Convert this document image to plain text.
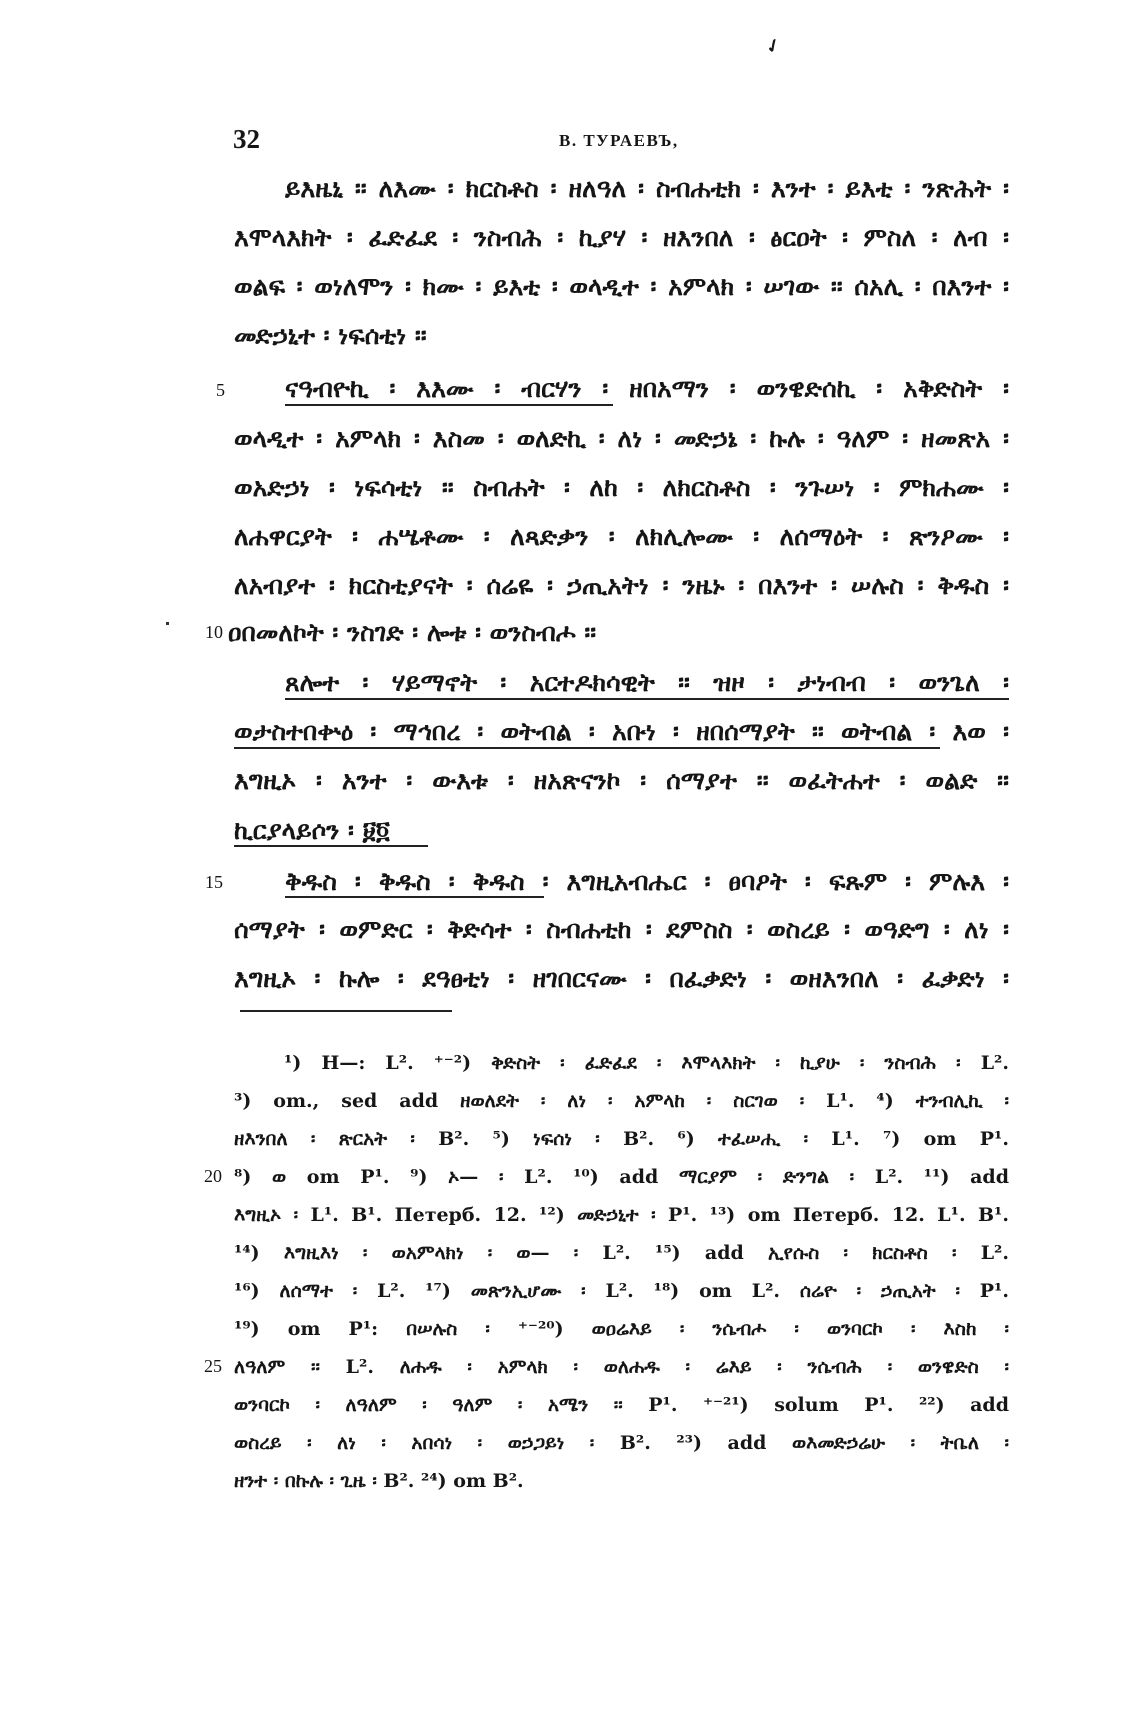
✓
32	В. ТУРАЕВЪ,
ይእዜኒ ፡፡ ለእሙ ፡ ክርስቶስ ፡ ዘለዓለ ፡ ስብሐቲክ ፡ እንተ ፡ ይእቲ ፡ ንጽሕት ፡
እሞላእክት ፡ ፈድፈደ ፡ ንስብሕ ፡ ኪያሃ ፡ ዘእንበለ ፡ ፅርዐት ፡ ምስለ ፡ ለብ ፡
ወልፍ ፡ ወነለሞን ፡ ክሙ ፡ ይእቲ ፡ ወላዲተ ፡ አምላክ ፡ ሠገው ፡፡ ሰአሊ ፡ በእንተ ፡
መድኃኒተ ፡ ነፍሰቲነ ፡፡
5 ናዓብዮኪ ፡ እእሙ ፡ ብርሃን ፡ ዘበአማን ፡ ወንዌድሰኪ ፡ አቅድስት ፡
ወላዲተ ፡ አምላክ ፡ እስመ ፡ ወለድኪ ፡ ለነ ፡ መድኃኔ ፡ ኩሉ ፡ ዓለም ፡ ዘመጽአ ፡
ወአድኃነ ፡ ነፍሳቲነ ፡፡ ስብሐት ፡ ለከ ፡ ለክርስቶስ ፡ ንጉሠነ ፡ ምክሐሙ ፡
ለሐዋርያት ፡ ሐሤቶሙ ፡ ለጻድቃን ፡ ለክሊሎሙ ፡ ለሰማዕት ፡ ጽንዖሙ ፡
ለአብያተ ፡ ክርስቲያናት ፡ ሰሬዬ ፡ ኃጢአትነ ፡ ንዜኑ ፡ በእንተ ፡ ሠሉስ ፡ ቅዱስ ፡
10 ዐበመለኮት ፡ ንስገድ ፡ ሎቱ ፡ ወንስብሖ ፡፡
ጸሎተ ፡ ሃይማኖት ፡ አርተዶክሳዊት ፡፡ ዝዞ ፡ ታነብብ ፡ ወንጌለ ፡
ወታስተበቍዕ ፡ ማኅበረ ፡ ወትብል ፡ አቡነ ፡ ዘበሰማያት ፡፡ ወትብል ፡ እወ ፡
እግዚኦ ፡ አንተ ፡ ውእቱ ፡ ዘአጽናንኮ ፡ ሰማያተ ፡፡ ወፈትሐተ ፡ ወልድ ፡፡
ኪርያላይሶን ፡ ፱፬
15 ቅዱስ ፡ ቅዱስ ፡ ቅዱስ ፡ እግዚአብሔር ፡ ፀባዖት ፡ ፍጹም ፡ ምሉእ ፡
ሰማያት ፡ ወምድር ፡ ቅድሳተ ፡ ስብሐቲከ ፡ ደምስስ ፡ ወስረይ ፡ ወዓድግ ፡ ለነ ፡
እግዚኦ ፡ ኩሎ ፡ ደዓፀቲነ ፡ ዘገበርናሙ ፡ በፈቃድነ ፡ ወዘእንበለ ፡ ፈቃድነ ፡
¹) H—: L². ⁺⁻²) ቅድስት ፡ ፈድፈደ ፡ እሞላእክት ፡ ኪያሁ ፡ ንስብሕ ፡ L².
³) om., sed add ዘወለደት ፡ ለነ ፡ አምላከ ፡ ስርገወ ፡ L¹. ⁴) ተንብሊኪ ፡
ዘእንበለ ፡ ጽርአት ፡ B². ⁵) ነፍሰነ ፡ B². ⁶) ተፈሠሒ ፡ L¹. ⁷) om P¹.
20 ⁸) ወ om P¹. ⁹) ኦ— ፡ L². ¹⁰) add ማርያም ፡ ድንግል ፡ L². ¹¹) add
እግዚኦ ፡ L¹. B¹. Петерб. 12. ¹²) መድኃኒተ ፡ P¹. ¹³) om Петерб. 12. L¹. B¹.
¹⁴) እግዚእነ ፡ ወአምላክነ ፡ ወ— ፡ L². ¹⁵) add ኢየሱስ ፡ ክርስቶስ ፡ L².
¹⁶) ለሰማተ ፡ L². ¹⁷) መጽንኢሆሙ ፡ L². ¹⁸) om L². ሰሬዮ ፡ ኃጢአት ፡ P¹.
¹⁹) om P¹: በሠሉስ ፡ ⁺⁻²⁰) ወዐሬእይ ፡ ንሴብሖ ፡ ወንባርኮ ፡ እስከ ፡
25 ለዓለም ፡፡ L². ለሐዱ ፡ አምላክ ፡ ወለሐዱ ፡ ሬእይ ፡ ንሴብሕ ፡ ወንዌድስ ፡
ወንባርኮ ፡ ለዓለም ፡ ዓለም ፡ አሜን ፡፡ P¹. ⁺⁻²¹) solum P¹. ²²) add
ወስረይ ፡ ለነ ፡ አበሳነ ፡ ወኃጋይነ ፡ B². ²³) add ወእመድኃሬሁ ፡ ትቤለ ፡
ዘንተ ፡ በኩሉ ፡ ጊዜ ፡ B². ²⁴) om B².
